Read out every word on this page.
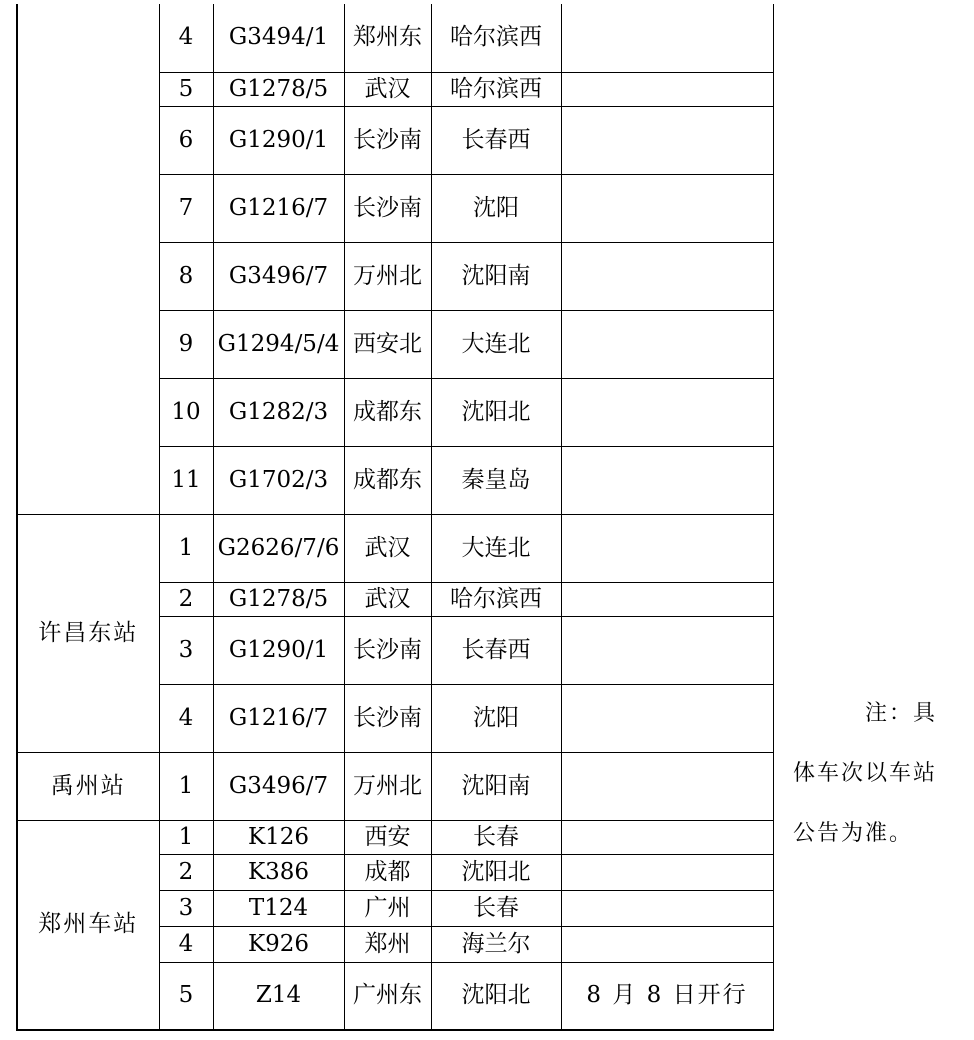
	4	G3494/1	郑州东	哈尔滨西	
	5	G1278/5	武汉	哈尔滨西	
	6	G1290/1	长沙南	长春西	
	7	G1216/7	长沙南	沈阳	
	8	G3496/7	万州北	沈阳南	
	9	G1294/5/4	西安北	大连北	
	10	G1282/3	成都东	沈阳北	
	11	G1702/3	成都东	秦皇岛	
许昌东站	1	G2626/7/6	武汉	大连北	
	2	G1278/5	武汉	哈尔滨西	
	3	G1290/1	长沙南	长春西	
	4	G1216/7	长沙南	沈阳	
禹州站	1	G3496/7	万州北	沈阳南	
郑州车站	1	K126	西安	长春	
	2	K386	成都	沈阳北	
	3	T124	广州	长春	
	4	K926	郑州	海兰尔	
	5	Z14	广州东	沈阳北	8 月 8 日开行
注：具体车次以车站公告为准。
